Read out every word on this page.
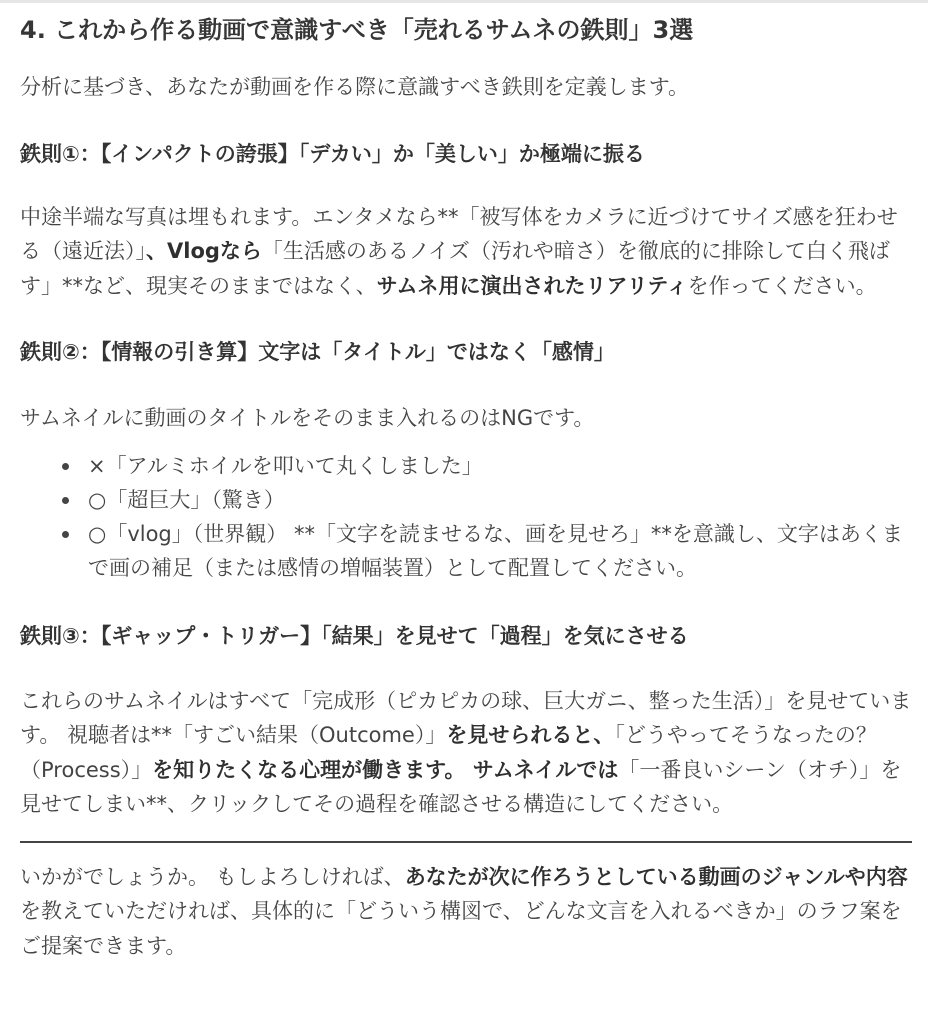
4. これから作る動画で意識すべき「売れるサムネの鉄則」3選

分析に基づき、あなたが動画を作る際に意識すべき鉄則を定義します。

鉄則①：【インパクトの誇張】「デカい」か「美しい」か極端に振る

中途半端な写真は埋もれます。エンタメなら**「被写体をカメラに近づけてサイズ感を狂わせる（遠近法）」、Vlogなら「生活感のあるノイズ（汚れや暗さ）を徹底的に排除して白く飛ばす」**など、現実そのままではなく、サムネ用に演出されたリアリティを作ってください。

鉄則②：【情報の引き算】文字は「タイトル」ではなく「感情」

サムネイルに動画のタイトルをそのまま入れるのはNGです。

×「アルミホイルを叩いて丸くしました」
○「超巨大」（驚き）
○「vlog」（世界観） **「文字を読ませるな、画を見せろ」**を意識し、文字はあくまで画の補足（または感情の増幅装置）として配置してください。
鉄則③：【ギャップ・トリガー】「結果」を見せて「過程」を気にさせる

これらのサムネイルはすべて「完成形（ピカピカの球、巨大ガニ、整った生活）」を見せています。 視聴者は**「すごい結果（Outcome）」を見せられると、「どうやってそうなったの？（Process）」を知りたくなる心理が働きます。 サムネイルでは「一番良いシーン（オチ）」を見せてしまい**、クリックしてその過程を確認させる構造にしてください。

いかがでしょうか。 もしよろしければ、あなたが次に作ろうとしている動画のジャンルや内容を教えていただければ、具体的に「どういう構図で、どんな文言を入れるべきか」のラフ案をご提案できます。
